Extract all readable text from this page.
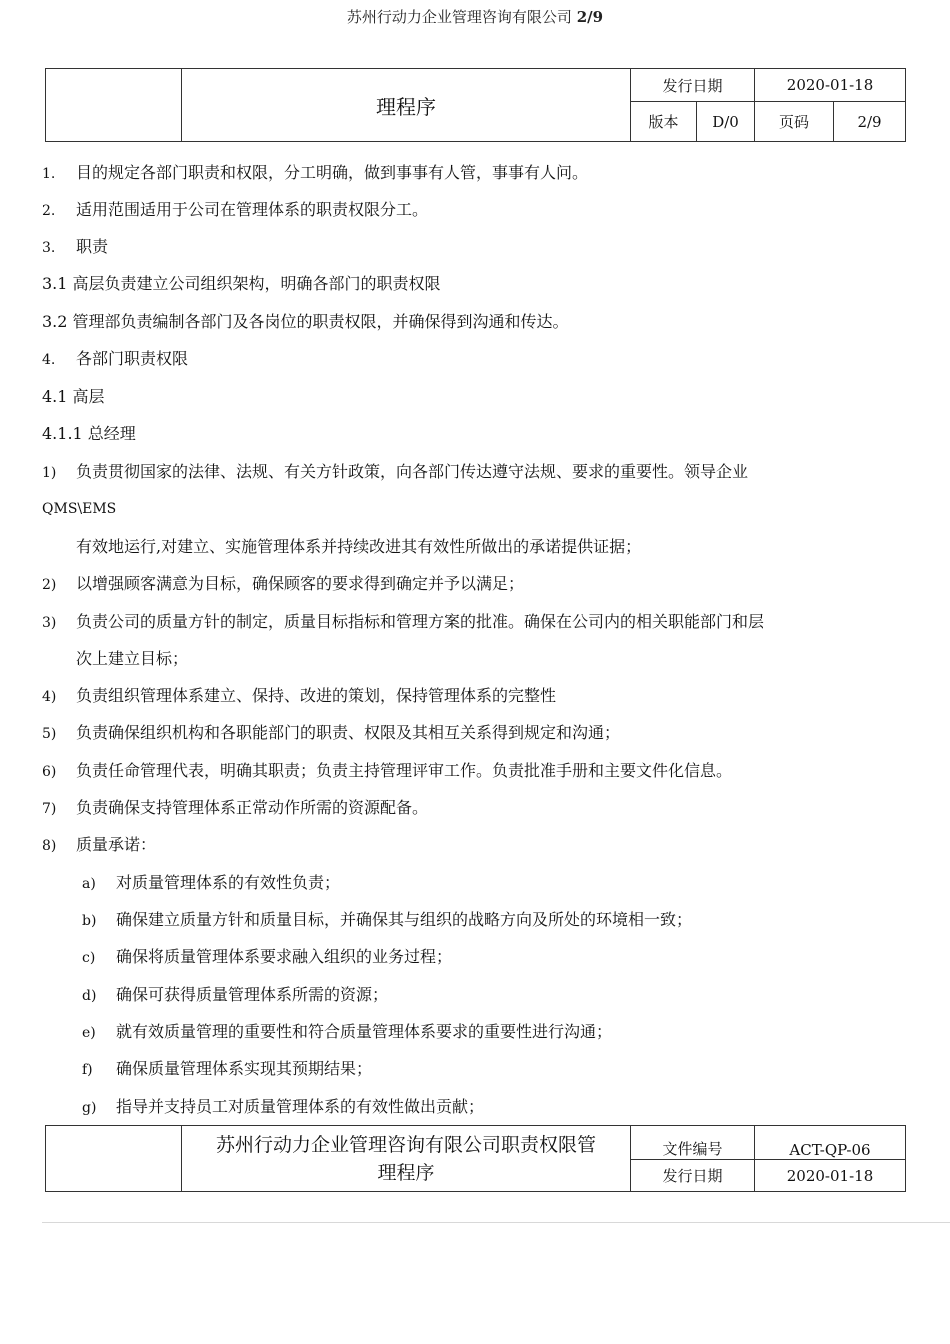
苏州行动力企业管理咨询有限公司 2/9
	理程序	发行日期		2020-01-18	
		版本	D/0	页码	2/9
1. 目的规定各部门职责和权限，分工明确，做到事事有人管，事事有人问。
2. 适用范围适用于公司在管理体系的职责权限分工。
3. 职责
3.1 高层负责建立公司组织架构，明确各部门的职责权限
3.2 管理部负责编制各部门及各岗位的职责权限，并确保得到沟通和传达。
4. 各部门职责权限
4.1 高层
4.1.1 总经理
1) 负责贯彻国家的法律、法规、有关方针政策，向各部门传达遵守法规、要求的重要性。领导企业
QMS\EMS
有效地运行,对建立、实施管理体系并持续改进其有效性所做出的承诺提供证据；
2) 以增强顾客满意为目标，确保顾客的要求得到确定并予以满足；
3) 负责公司的质量方针的制定，质量目标指标和管理方案的批准。确保在公司内的相关职能部门和层
次上建立目标；
4) 负责组织管理体系建立、保持、改进的策划，保持管理体系的完整性
5) 负责确保组织机构和各职能部门的职责、权限及其相互关系得到规定和沟通；
6) 负责任命管理代表，明确其职责；负责主持管理评审工作。负责批准手册和主要文件化信息。
7) 负责确保支持管理体系正常动作所需的资源配备。
8) 质量承诺：
a) 对质量管理体系的有效性负责；
b) 确保建立质量方针和质量目标，并确保其与组织的战略方向及所处的环境相一致；
c) 确保将质量管理体系要求融入组织的业务过程；
d) 确保可获得质量管理体系所需的资源；
e) 就有效质量管理的重要性和符合质量管理体系要求的重要性进行沟通；
f) 确保质量管理体系实现其预期结果；
g) 指导并支持员工对质量管理体系的有效性做出贡献；

	苏州行动力企业管理咨询有限公司职责权限管
理程序	文件编号	ACT-QP-06
		发行日期	2020-01-18
